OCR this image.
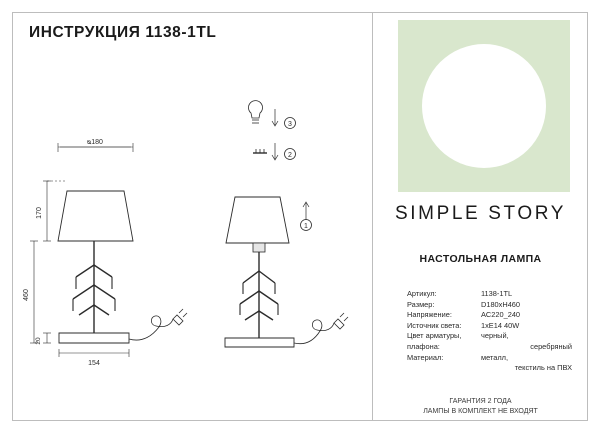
ИНСТРУКЦИЯ 1138-1TL
ᴓ180
170
460
20
154
1
2
3
SIMPLE STORY
НАСТОЛЬНАЯ ЛАМПА
Артикул:	1138-1TL
Размер:	D180xH460
Напряжение:	AC220_240
Источник света:	1xE14 40W
Цвет арматуры, плафона:
черный,
серебряный
Материал:	металл,
текстиль на ПВХ
ГАРАНТИЯ 2 ГОДА
ЛАМПЫ В КОМПЛЕКТ НЕ ВХОДЯТ
